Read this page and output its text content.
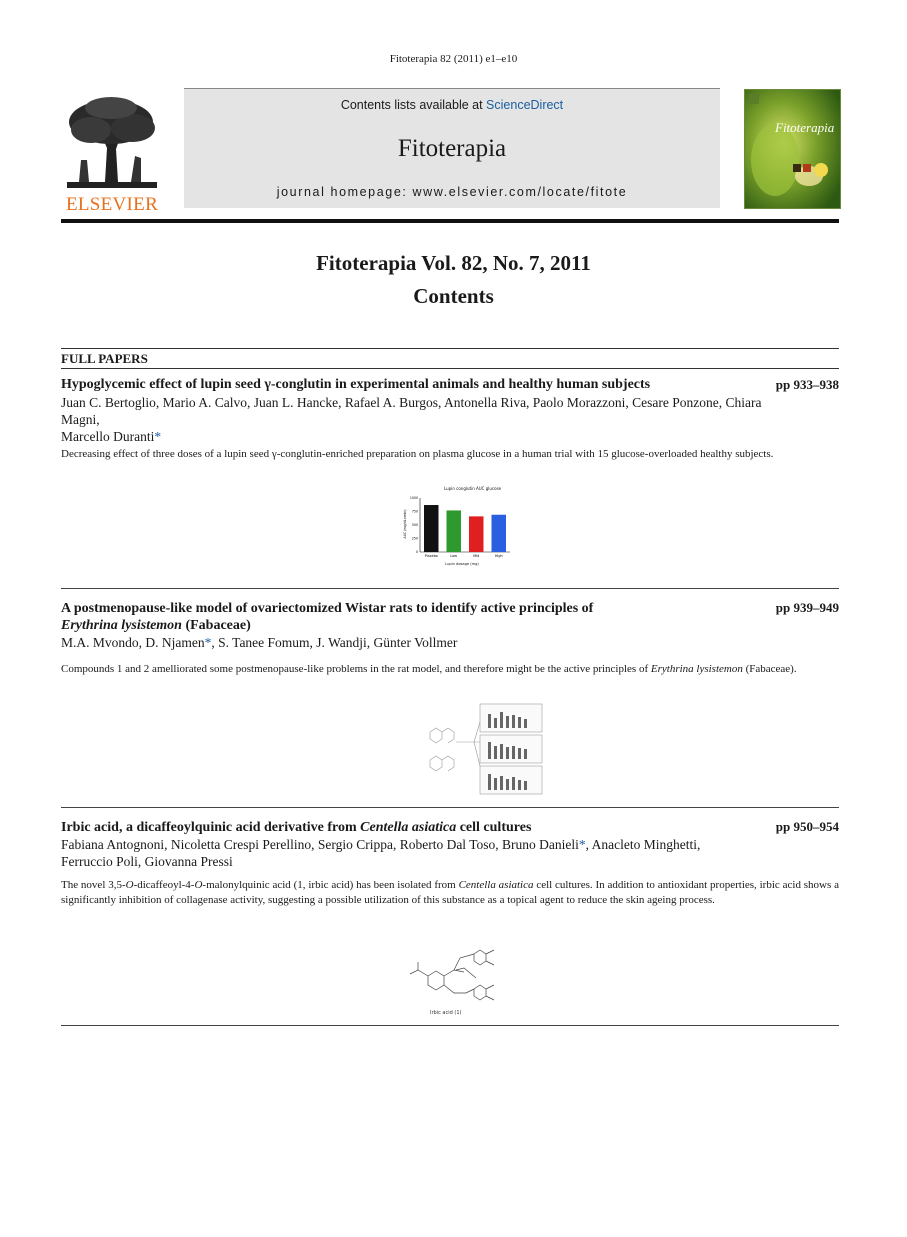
Fitoterapia 82 (2011) e1–e10
ELSEVIER
Contents lists available at ScienceDirect
Fitoterapia
journal homepage: www.elsevier.com/locate/fitote
Fitoterapia
Fitoterapia Vol. 82, No. 7, 2011
Contents
FULL PAPERS
Hypoglycemic effect of lupin seed γ-conglutin in experimental animals and healthy human subjects	pp 933–938
Juan C. Bertoglio, Mario A. Calvo, Juan L. Hancke, Rafael A. Burgos, Antonella Riva, Paolo Morazzoni, Cesare Ponzone, Chiara Magni,
Marcello Duranti*
Decreasing effect of three doses of a lupin seed γ-conglutin-enriched preparation on plasma glucose in a human trial with 15 glucose-overloaded healthy subjects.
Lupin conglutin AUC glucose
AUC (mg/dL×min)
Lupin dosage (mg)
Placebo	Low	Mid	High
0
250
500
750
1000
A postmenopause-like model of ovariectomized Wistar rats to identify active principles of
Erythrina lysistemon (Fabaceae)
pp 939–949
M.A. Mvondo, D. Njamen*, S. Tanee Fomum, J. Wandji, Günter Vollmer
Compounds 1 and 2 amelliorated some postmenopause-like problems in the rat model, and therefore might be the active principles of Erythrina lysistemon (Fabaceae).
Irbic acid, a dicaffeoylquinic acid derivative from Centella asiatica cell cultures	pp 950–954
Fabiana Antognoni, Nicoletta Crespi Perellino, Sergio Crippa, Roberto Dal Toso, Bruno Danieli*, Anacleto Minghetti,
Ferruccio Poli, Giovanna Pressi
The novel 3,5-O-dicaffeoyl-4-O-malonylquinic acid (1, irbic acid) has been isolated from Centella asiatica cell cultures. In addition to antioxidant properties, irbic acid shows a significantly inhibition of collagenase activity, suggesting a possible utilization of this substance as a topical agent to reduce the skin ageing process.
Irbic acid (1)
